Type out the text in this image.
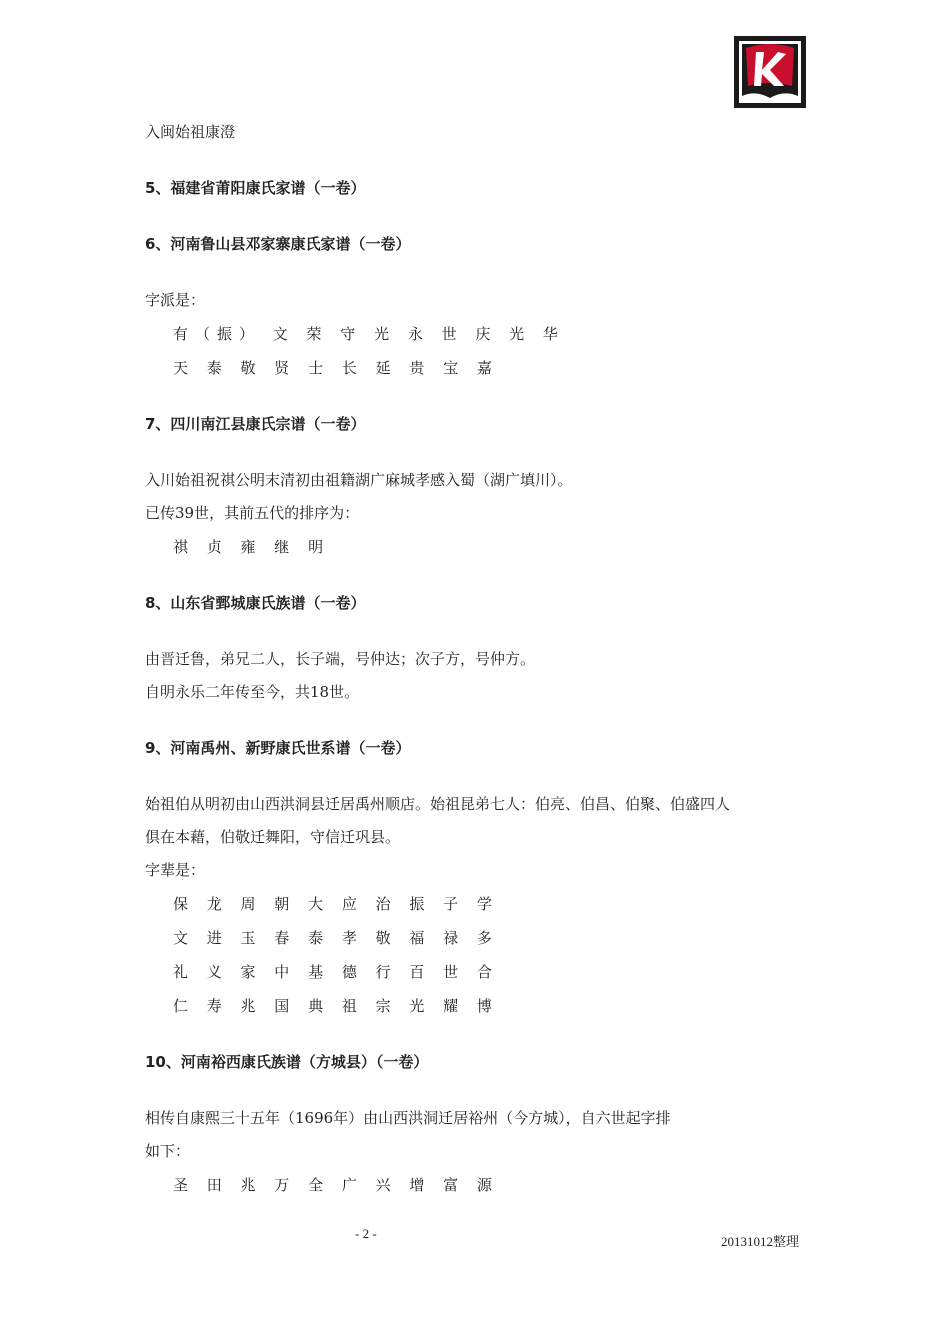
入闽始祖康澄

5、福建省莆阳康氏家谱（一卷）

6、河南鲁山县邓家寨康氏家谱（一卷）

字派是：

有（振） 文 荣 守 光 永 世 庆 光 华

天 泰 敬 贤 士 长 延 贵 宝 嘉

7、四川南江县康氏宗谱（一卷）

入川始祖祝祺公明末清初由祖籍湖广麻城孝感入蜀（湖广填川）。

已传39世，其前五代的排序为：

祺 贞 雍 继 明

8、山东省鄄城康氏族谱（一卷）

由晋迁鲁，弟兄二人，长子端，号仲达；次子方，号仲方。

自明永乐二年传至今，共18世。

9、河南禹州、新野康氏世系谱（一卷）

始祖伯从明初由山西洪洞县迁居禹州顺店。始祖昆弟七人：伯亮、伯昌、伯聚、伯盛四人

俱在本藉，伯敬迁舞阳，守信迁巩县。

字辈是：

保 龙 周 朝 大 应 治 振 子 学

文 进 玉 春 泰 孝 敬 福 禄 多

礼 义 家 中 基 德 行 百 世 合

仁 寿 兆 国 典 祖 宗 光 耀 博

10、河南裕西康氏族谱（方城县）（一卷）

相传自康熙三十五年（1696年）由山西洪洞迁居裕州（今方城），自六世起字排

如下：

圣 田 兆 万 全 广 兴 增 富 源

- 2 -
20131012整理
